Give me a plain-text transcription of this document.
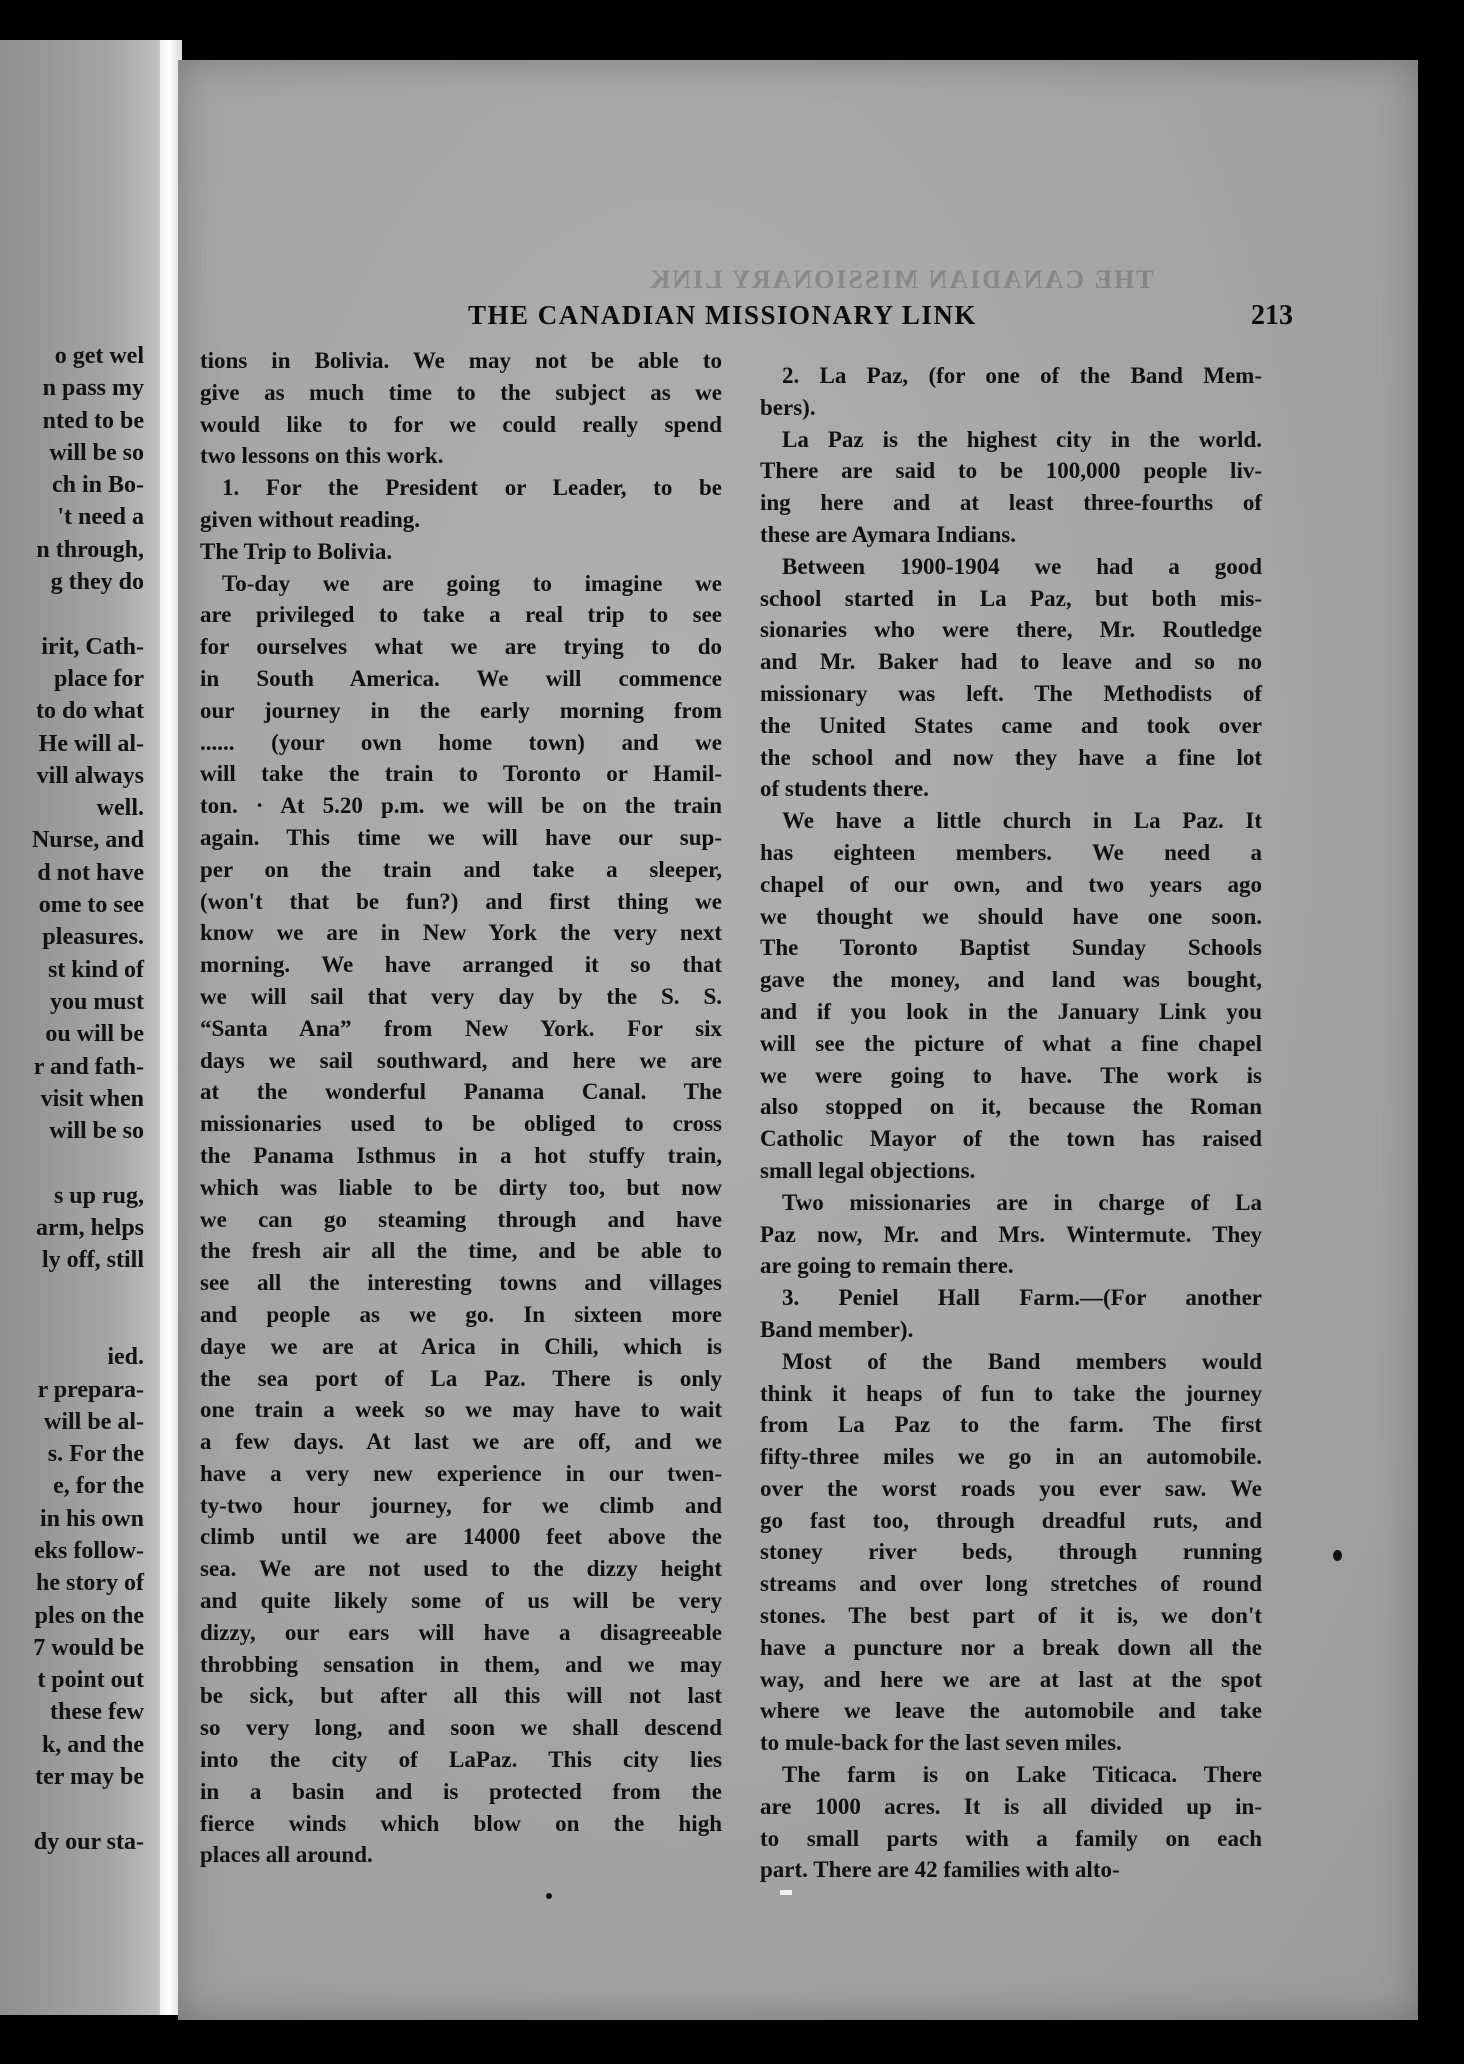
o get wel
n pass my
nted to be
will be so
ch in Bo-
't need a
n through,
g they do

irit, Cath-
place for
to do what
He will al-
vill always
well.
Nurse, and
d not have
ome to see
pleasures.
st kind of
you must
ou will be
r and fath-
visit when
will be so

s up rug,
arm, helps
ly off, still

ied.
r prepara-
will be al-
s. For the
e, for the
in his own
eks follow-
he story of
ples on the
7 would be
t point out
these few
k, and the
ter may be

dy our sta-
THE CANADIAN MISSIONARY LINK
THE CANADIAN MISSIONARY LINK	213
tions in Bolivia. We may not be able to
give as much time to the subject as we
would like to for we could really spend
two lessons on this work.
1. For the President or Leader, to be
given without reading.
The Trip to Bolivia.
To-day we are going to imagine we
are privileged to take a real trip to see
for ourselves what we are trying to do
in South America. We will commence
our journey in the early morning from
...... (your own home town) and we
will take the train to Toronto or Hamil-
ton. · At 5.20 p.m. we will be on the train
again. This time we will have our sup-
per on the train and take a sleeper,
(won't that be fun?) and first thing we
know we are in New York the very next
morning. We have arranged it so that
we will sail that very day by the S. S.
“Santa Ana” from New York. For six
days we sail southward, and here we are
at the wonderful Panama Canal. The
missionaries used to be obliged to cross
the Panama Isthmus in a hot stuffy train,
which was liable to be dirty too, but now
we can go steaming through and have
the fresh air all the time, and be able to
see all the interesting towns and villages
and people as we go. In sixteen more
daye we are at Arica in Chili, which is
the sea port of La Paz. There is only
one train a week so we may have to wait
a few days. At last we are off, and we
have a very new experience in our twen-
ty-two hour journey, for we climb and
climb until we are 14000 feet above the
sea. We are not used to the dizzy height
and quite likely some of us will be very
dizzy, our ears will have a disagreeable
throbbing sensation in them, and we may
be sick, but after all this will not last
so very long, and soon we shall descend
into the city of LaPaz. This city lies
in a basin and is protected from the
fierce winds which blow on the high
places all around.
2. La Paz, (for one of the Band Mem-
bers).
La Paz is the highest city in the world.
There are said to be 100,000 people liv-
ing here and at least three-fourths of
these are Aymara Indians.
Between 1900-1904 we had a good
school started in La Paz, but both mis-
sionaries who were there, Mr. Routledge
and Mr. Baker had to leave and so no
missionary was left. The Methodists of
the United States came and took over
the school and now they have a fine lot
of students there.
We have a little church in La Paz. It
has eighteen members. We need a
chapel of our own, and two years ago
we thought we should have one soon.
The Toronto Baptist Sunday Schools
gave the money, and land was bought,
and if you look in the January Link you
will see the picture of what a fine chapel
we were going to have. The work is
also stopped on it, because the Roman
Catholic Mayor of the town has raised
small legal objections.
Two missionaries are in charge of La
Paz now, Mr. and Mrs. Wintermute. They
are going to remain there.
3. Peniel Hall Farm.—(For another
Band member).
Most of the Band members would
think it heaps of fun to take the journey
from La Paz to the farm. The first
fifty-three miles we go in an automobile.
over the worst roads you ever saw. We
go fast too, through dreadful ruts, and
stoney river beds, through running
streams and over long stretches of round
stones. The best part of it is, we don't
have a puncture nor a break down all the
way, and here we are at last at the spot
where we leave the automobile and take
to mule-back for the last seven miles.
The farm is on Lake Titicaca. There
are 1000 acres. It is all divided up in-
to small parts with a family on each
part. There are 42 families with alto-
